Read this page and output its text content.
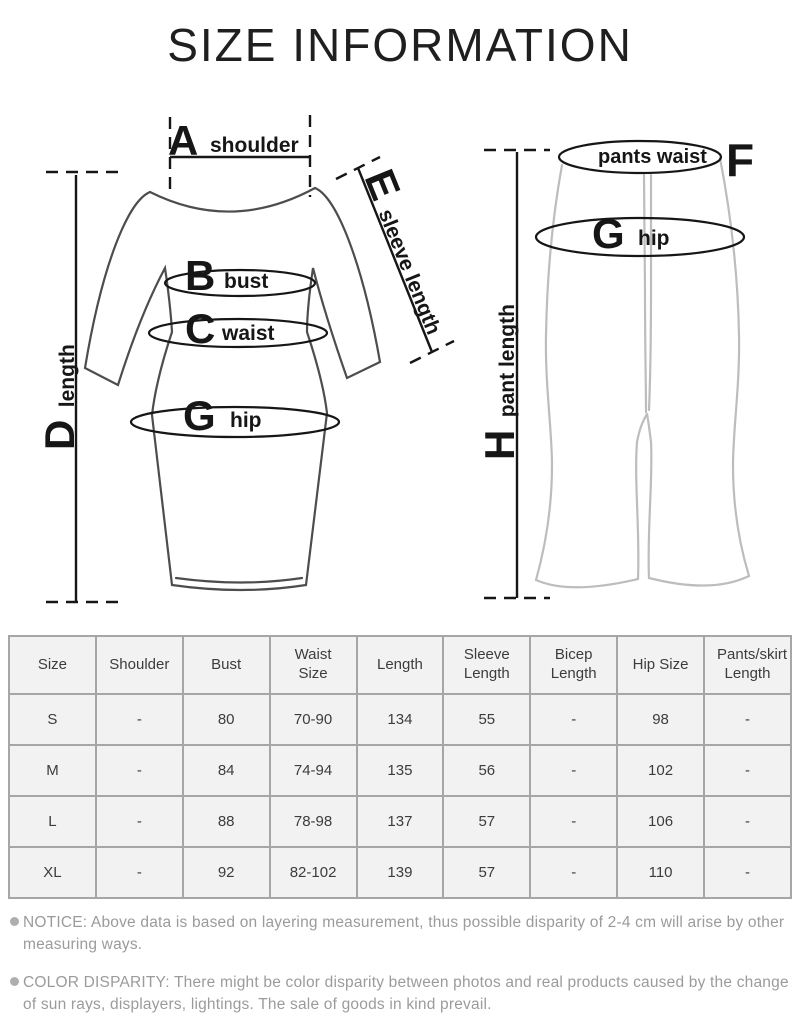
SIZE INFORMATION
A shoulder
D length
E sleeve length
B bust
C waist
G hip
H pant length
pants waist F
G hip
Size	Shoulder	Bust	Waist Size	Length	Sleeve Length	Bicep Length	Hip Size	Pants/skirt Length
S	-	80	70-90	134	55	-	98	-
M	-	84	74-94	135	56	-	102	-
L	-	88	78-98	137	57	-	106	-
XL	-	92	82-102	139	57	-	110	-

NOTICE: Above data is based on layering measurement, thus possible disparity of 2-4 cm will arise by other measuring ways.

COLOR DISPARITY: There might be color disparity between photos and real products caused by the change of sun rays, displayers, lightings. The sale of goods in kind prevail.
